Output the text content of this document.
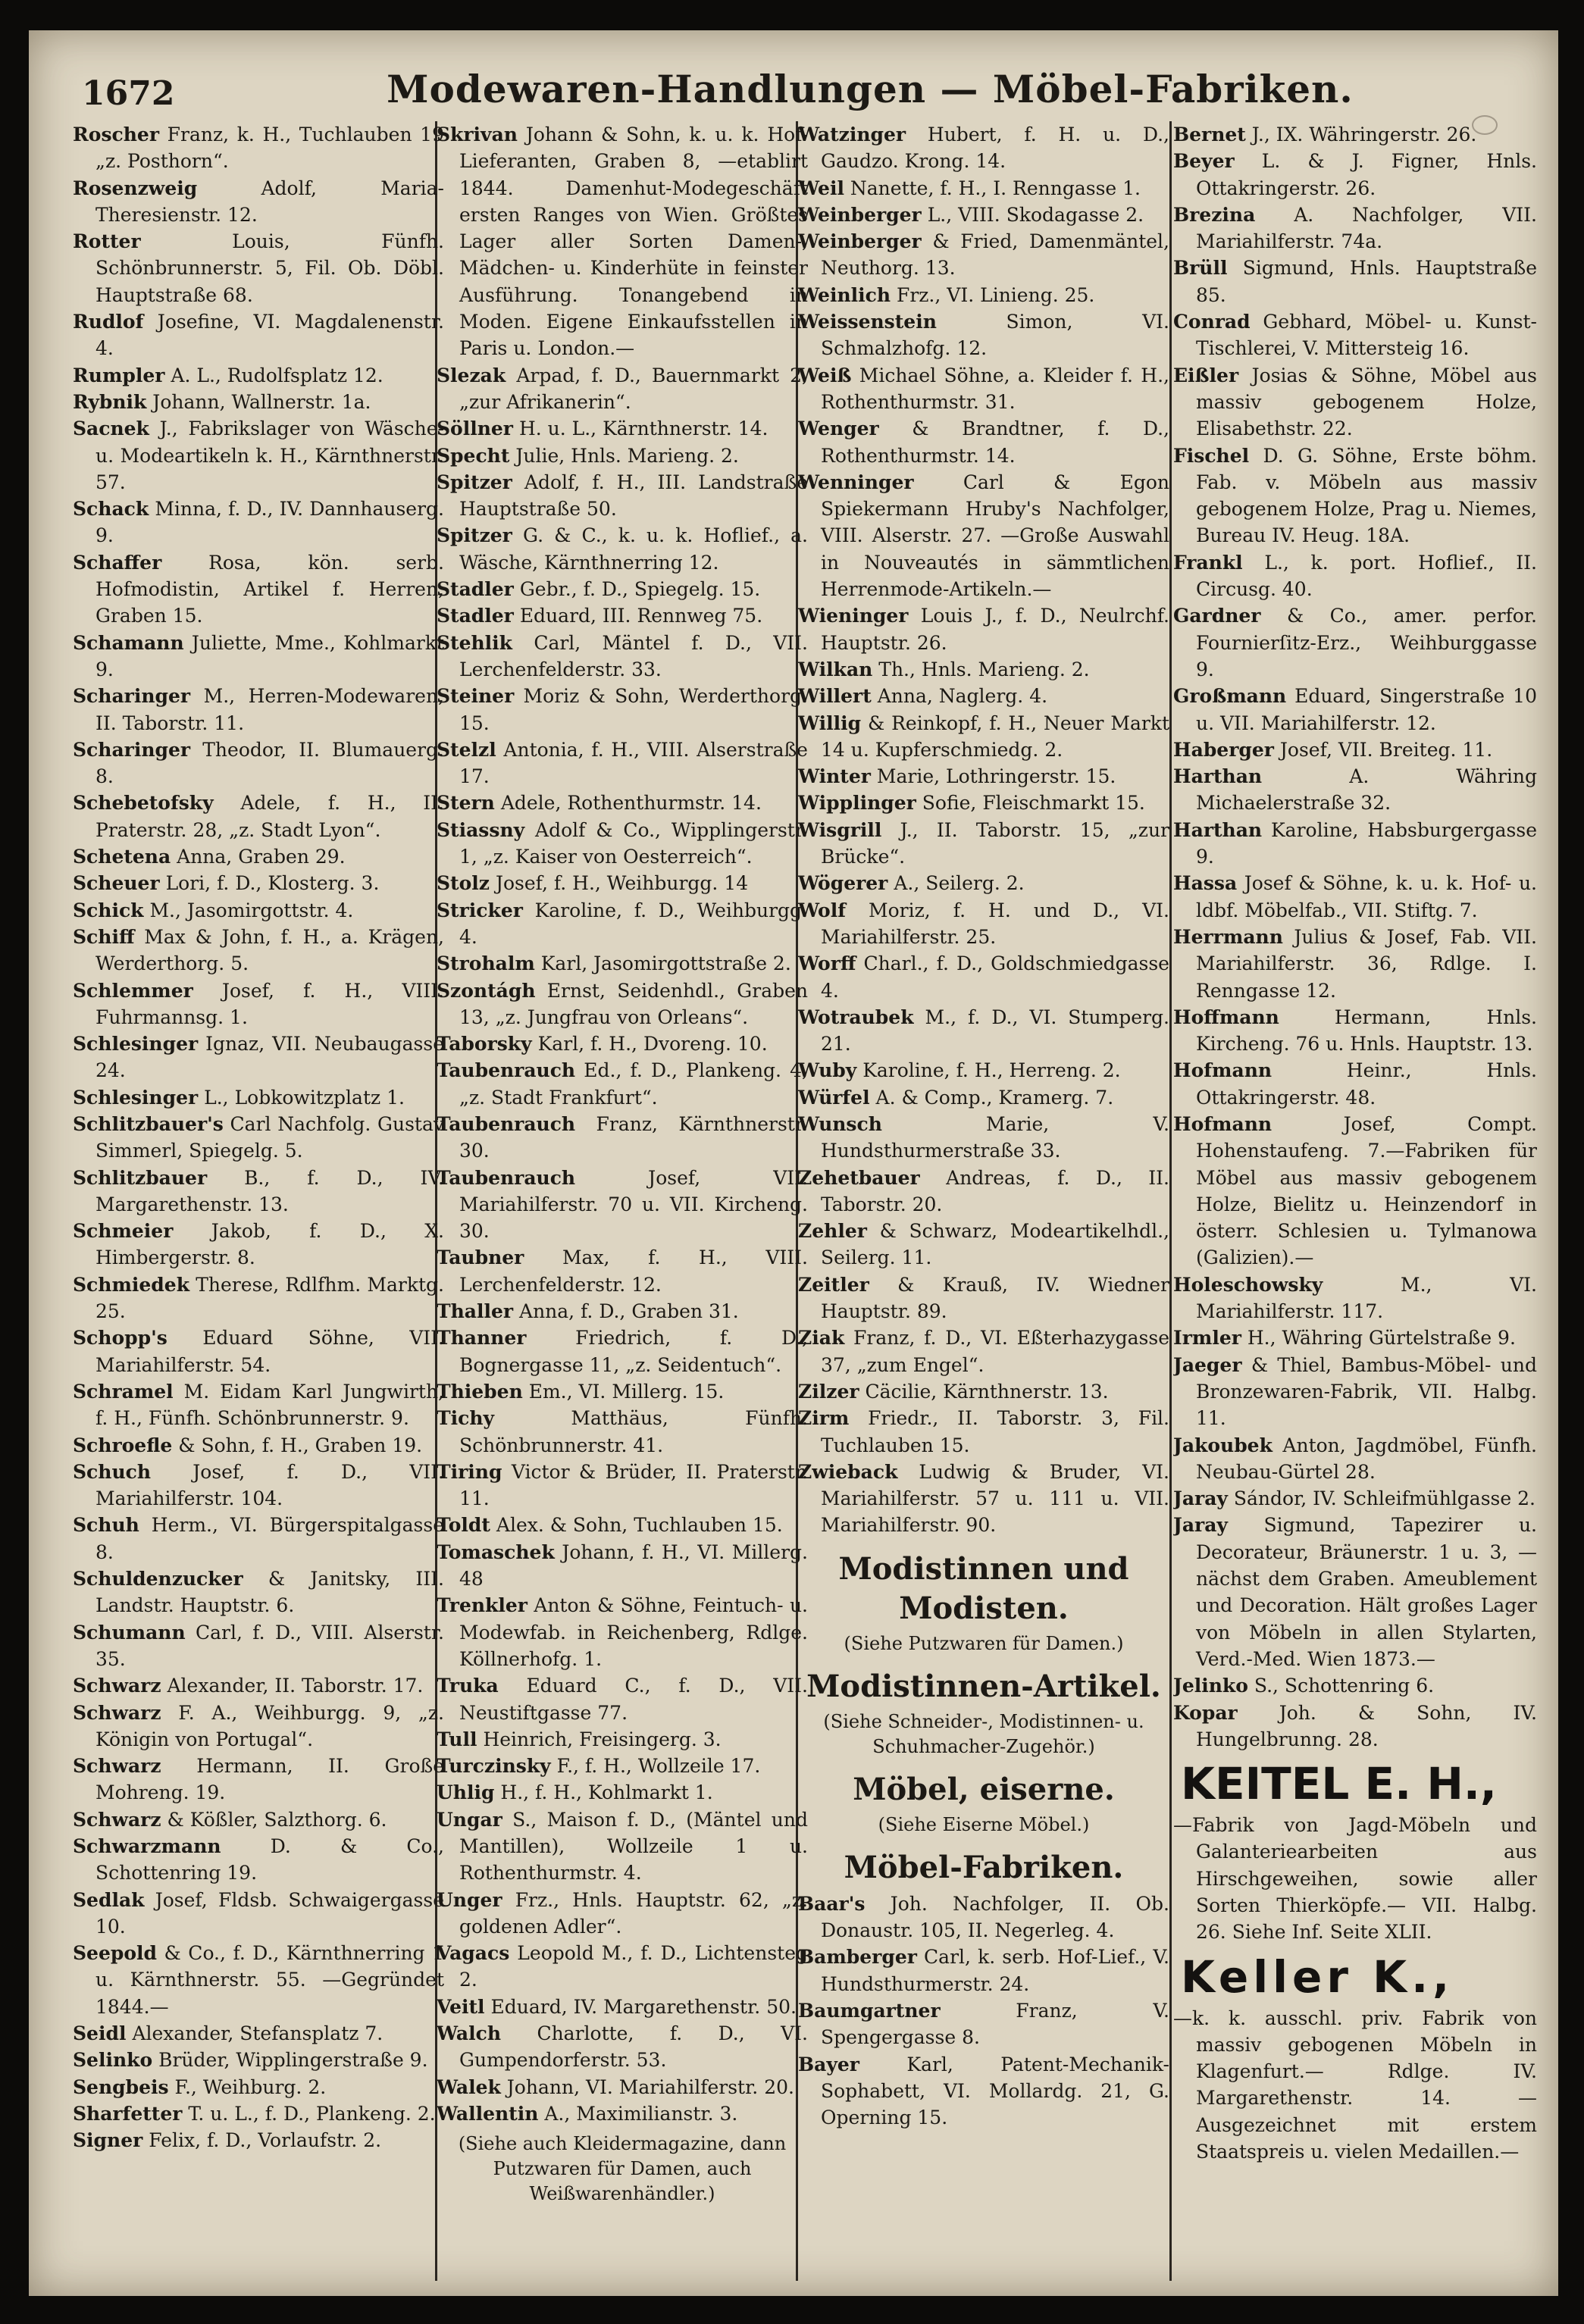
1672	Modewaren-Handlungen — Möbel-Fabriken.

Roscher Franz, k. H., Tuchlauben 19 „z. Posthorn“.

Rosenzweig	Adolf, Maria-Theresienstr. 12.

Rotter	Louis, Fünfh. Schönbrunnerstr. 5, Fil. Ob. Döbl. Hauptstraße 68.

Rudlof Josefine, VI. Magdalenenstr. 4.

Rumpler A. L., Rudolfsplatz 12.

Rybnik Johann, Wallnerstr. 1a.

Sacnek J., Fabrikslager von Wäsche- u. Modeartikeln k. H., Kärnthnerstr. 57.

Schack Minna, f. D., IV. Dannhauserg. 9.

Schaffer Rosa, kön. serb. Hofmodistin, Artikel f. Herren, Graben 15.

Schamann Juliette, Mme., Kohlmarkt 9.

Scharinger M., Herren-Modewaren, II. Taborstr. 11.

Scharinger Theodor, II. Blumauerg. 8.

Schebetofsky Adele, f. H., II. Praterstr. 28, „z. Stadt Lyon“.

Schetena Anna, Graben 29.

Scheuer Lori, f. D., Klosterg. 3.

Schick M., Jasomirgottstr. 4.

Schiff Max & John, f. H., a. Krägen, Werderthorg. 5.

Schlemmer Josef, f. H., VIII. Fuhrmannsg. 1.

Schlesinger Ignaz, VII. Neubaugasse 24.

Schlesinger L., Lobkowitzplatz 1.

Schlitzbauer's Carl Nachfolg. Gustav Simmerl, Spiegelg. 5.

Schlitzbauer B., f. D., IV. Margarethenstr. 13.

Schmeier Jakob, f. D., X. Himbergerstr. 8.

Schmiedek Therese, Rdlfhm. Marktg. 25.

Schopp's Eduard Söhne, VII. Mariahilferstr. 54.

Schramel M. Eidam Karl Jungwirth, f. H., Fünfh. Schönbrunnerstr. 9.

Schroefle & Sohn, f. H., Graben 19.

Schuch Josef, f. D., VII. Mariahilferstr. 104.

Schuh Herm., VI. Bürgerspitalgasse 8.

Schuldenzucker & Janitsky, III. Landstr. Hauptstr. 6.

Schumann Carl, f. D., VIII. Alserstr. 35.

Schwarz Alexander, II. Taborstr. 17.

Schwarz F. A., Weihburgg. 9, „z. Königin von Portugal“.

Schwarz Hermann, II. Große Mohreng. 19.

Schwarz & Kößler, Salzthorg. 6.

Schwarzmann	D. & Co., Schottenring 19.

Sedlak Josef, Fldsb. Schwaigergasse 10.

Seepold & Co., f. D., Kärnthnerring 1 u. Kärnthnerstr. 55. —Gegründet 1844.—

Seidl Alexander, Stefansplatz 7.

Selinko Brüder, Wipplingerstraße 9.

Sengbeis F., Weihburg. 2.

Sharfetter T. u. L., f. D., Plankeng. 2.

Signer Felix, f. D., Vorlaufstr. 2.

Skrivan Johann & Sohn, k. u. k. Hof-Lieferanten, Graben 8, —etablirt 1844. Damenhut-Modegeschäft ersten Ranges von Wien. Größtes Lager aller Sorten Damen-, Mädchen- u. Kinderhüte in feinster Ausführung. Tonangebend in Moden. Eigene Einkaufsstellen in Paris u. London.—

Slezak Arpad, f. D., Bauernmarkt 2, „zur Afrikanerin“.

Söllner H. u. L., Kärnthnerstr. 14.

Specht Julie, Hnls. Marieng. 2.

Spitzer Adolf, f. H., III. Landstraße Hauptstraße 50.

Spitzer G. & C., k. u. k. Hoflief., a. Wäsche, Kärnthnerring 12.

Stadler Gebr., f. D., Spiegelg. 15.

Stadler Eduard, III. Rennweg 75.

Stehlik Carl, Mäntel f. D., VII. Lerchenfelderstr. 33.

Steiner Moriz & Sohn, Werderthorg. 15.

Stelzl Antonia, f. H., VIII. Alserstraße 17.

Stern Adele, Rothenthurmstr. 14.

Stiassny Adolf & Co., Wipplingerstr. 1, „z. Kaiser von Oesterreich“.

Stolz Josef, f. H., Weihburgg. 14

Stricker Karoline, f. D., Weihburgg. 4.

Strohalm Karl, Jasomirgottstraße 2.

Szontágh Ernst, Seidenhdl., Graben 13, „z. Jungfrau von Orleans“.

Taborsky Karl, f. H., Dvoreng. 10.

Taubenrauch Ed., f. D., Plankeng. 4, „z. Stadt Frankfurt“.

Taubenrauch Franz, Kärnthnerstr. 30.

Taubenrauch	Josef, VII. Mariahilferstr. 70 u. VII. Kircheng. 30.

Taubner Max, f. H., VIII. Lerchenfelderstr. 12.

Thaller Anna, f. D., Graben 31.

Thanner	Friedrich, f. D., Bognergasse 11, „z. Seidentuch“.

Thieben Em., VI. Millerg. 15.

Tichy	Matthäus, Fünfh. Schönbrunnerstr. 41.

Tiring Victor & Brüder, II. Praterstr. 11.

Toldt Alex. & Sohn, Tuchlauben 15.

Tomaschek Johann, f. H., VI. Millerg. 48

Trenkler Anton & Söhne, Feintuch- u. Modewfab. in Reichenberg, Rdlge. Köllnerhofg. 1.

Truka Eduard C., f. D., VII. Neustiftgasse 77.

Tull Heinrich, Freisingerg. 3.

Turczinsky F., f. H., Wollzeile 17.

Uhlig H., f. H., Kohlmarkt 1.

Ungar S., Maison f. D., (Mäntel und Mantillen), Wollzeile 1 u. Rothenthurmstr. 4.

Unger Frz., Hnls. Hauptstr. 62, „z. goldenen Adler“.

Vagacs Leopold M., f. D., Lichtensteg 2.

Veitl Eduard, IV. Margarethenstr. 50.

Walch Charlotte, f. D., VI. Gumpendorferstr. 53.

Walek Johann, VI. Mariahilferstr. 20.

Wallentin A., Maximilianstr. 3.

(Siehe auch Kleidermagazine, dann Putzwaren für Damen, auch Weißwarenhändler.)

Watzinger Hubert, f. H. u. D., Gaudzo. Krong. 14.

Weil Nanette, f. H., I. Renngasse 1.

Weinberger L., VIII. Skodagasse 2.

Weinberger & Fried, Damenmäntel, Neuthorg. 13.

Weinlich Frz., VI. Linieng. 25.

Weissenstein	Simon, VI. Schmalzhofg. 12.

Weiß Michael Söhne, a. Kleider f. H., Rothenthurmstr. 31.

Wenger & Brandtner, f. D., Rothenthurmstr. 14.

Wenninger	Carl & Egon Spiekermann Hruby's Nachfolger, VIII. Alserstr. 27. —Große Auswahl in Nouveautés in sämmtlichen Herrenmode-Artikeln.—

Wieninger Louis J., f. D., Neulrchf. Hauptstr. 26.

Wilkan Th., Hnls. Marieng. 2.

Willert Anna, Naglerg. 4.

Willig & Reinkopf, f. H., Neuer Markt 14 u. Kupferschmiedg. 2.

Winter Marie, Lothringerstr. 15.

Wipplinger Sofie, Fleischmarkt 15.

Wisgrill J., II. Taborstr. 15, „zur Brücke“.

Wögerer A., Seilerg. 2.

Wolf Moriz, f. H. und D., VI. Mariahilferstr. 25.

Worff Charl., f. D., Goldschmiedgasse 4.

Wotraubek M., f. D., VI. Stumperg. 21.

Wuby Karoline, f. H., Herreng. 2.

Würfel A. & Comp., Kramerg. 7.

Wunsch	Marie, V. Hundsthurmerstraße 33.

Zehetbauer Andreas, f. D., II. Taborstr. 20.

Zehler & Schwarz, Modeartikelhdl., Seilerg. 11.

Zeitler & Krauß, IV. Wiedner Hauptstr. 89.

Ziak Franz, f. D., VI. Eßterhazygasse 37, „zum Engel“.

Zilzer Cäcilie, Kärnthnerstr. 13.

Zirm Friedr., II. Taborstr. 3, Fil. Tuchlauben 15.

Zwieback Ludwig & Bruder, VI. Mariahilferstr. 57 u. 111 u. VII. Mariahilferstr. 90.

Modistinnen und Modisten.
(Siehe Putzwaren für Damen.)
Modistinnen-Artikel.
(Siehe Schneider-, Modistinnen- u. Schuhmacher-Zugehör.)
Möbel, eiserne.
(Siehe Eiserne Möbel.)
Möbel-Fabriken.

Baar's Joh. Nachfolger, II. Ob. Donaustr. 105, II. Negerleg. 4.

Bamberger Carl, k. serb. Hof-Lief., V. Hundsthurmerstr. 24.

Baumgartner	Franz, V. Spengergasse 8.

Bayer Karl, Patent-Mechanik-Sophabett, VI. Mollardg. 21, G. Operning 15.

Bernet J., IX. Währingerstr. 26.

Beyer L. & J. Figner, Hnls. Ottakringerstr. 26.

Brezina A. Nachfolger, VII. Mariahilferstr. 74a.

Brüll Sigmund, Hnls. Hauptstraße 85.

Conrad Gebhard, Möbel- u. Kunst-Tischlerei, V. Mittersteig 16.

Eißler Josias & Söhne, Möbel aus massiv gebogenem Holze, Elisabethstr. 22.

Fischel D. G. Söhne, Erste böhm. Fab. v. Möbeln aus massiv gebogenem Holze, Prag u. Niemes, Bureau IV. Heug. 18A.

Frankl L., k. port. Hoflief., II. Circusg. 40.

Gardner & Co., amer. perfor. Fournierſitz-Erz., Weihburggasse 9.

Großmann Eduard, Singerstraße 10 u. VII. Mariahilferstr. 12.

Haberger Josef, VII. Breiteg. 11.

Harthan	A. Währing Michaelerstraße 32.

Harthan Karoline, Habsburgergasse 9.

Hassa Josef & Söhne, k. u. k. Hof- u. ldbf. Möbelfab., VII. Stiftg. 7.

Herrmann Julius & Josef, Fab. VII. Mariahilferstr. 36, Rdlge. I. Renngasse 12.

Hoffmann	Hermann, Hnls. Kircheng. 76 u. Hnls. Hauptstr. 13.

Hofmann	Heinr., Hnls. Ottakringerstr. 48.

Hofmann	Josef, Compt. Hohenstaufeng. 7.—Fabriken für Möbel aus massiv gebogenem Holze, Bielitz u. Heinzendorf in österr. Schlesien u. Tylmanowa (Galizien).—

Holeschowsky	M., VI. Mariahilferstr. 117.

Irmler H., Währing Gürtelstraße 9.

Jaeger & Thiel, Bambus-Möbel- und Bronzewaren-Fabrik, VII. Halbg. 11.

Jakoubek Anton, Jagdmöbel, Fünfh. Neubau-Gürtel 28.

Jaray Sándor, IV. Schleifmühlgasse 2.

Jaray Sigmund, Tapezirer u. Decorateur, Bräunerstr. 1 u. 3, —nächst dem Graben. Ameublement und Decoration. Hält großes Lager von Möbeln in allen Stylarten, Verd.-Med. Wien 1873.—

Jelinko S., Schottenring 6.

Kopar Joh. & Sohn, IV. Hungelbrunng. 28.

KEITEL E. H.,

—Fabrik von Jagd-Möbeln und Galanteriearbeiten aus Hirschgeweihen, sowie aller Sorten Thierköpfe.— VII. Halbg. 26. Siehe Inf. Seite XLII.

Keller K.,

—k. k. ausschl. priv. Fabrik von massiv gebogenen Möbeln in Klagenfurt.— Rdlge. IV. Margarethenstr. 14. —Ausgezeichnet mit erstem Staatspreis u. vielen Medaillen.—
